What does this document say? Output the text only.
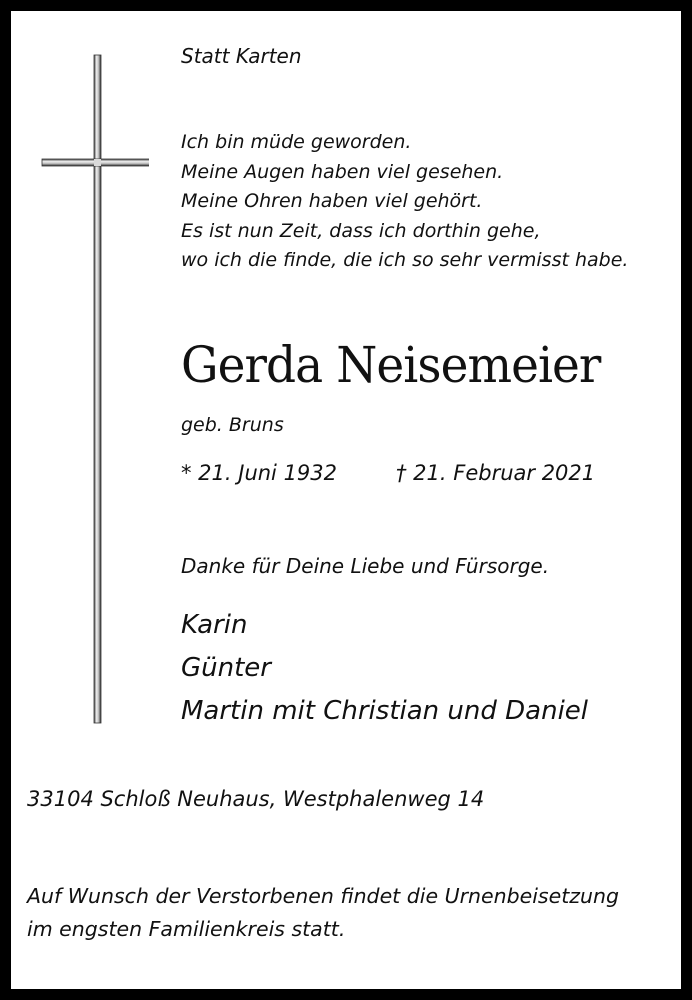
Statt Karten
Ich bin müde geworden.
Meine Augen haben viel gesehen.
Meine Ohren haben viel gehört.
Es ist nun Zeit, dass ich dorthin gehe,
wo ich die finde, die ich so sehr vermisst habe.
Gerda Neisemeier
geb. Bruns
* 21. Juni 1932	† 21. Februar 2021
Danke für Deine Liebe und Fürsorge.
Karin
Günter
Martin mit Christian und Daniel
33104 Schloß Neuhaus, Westphalenweg 14
Auf Wunsch der Verstorbenen findet die Urnenbeisetzung
im engsten Familienkreis statt.
